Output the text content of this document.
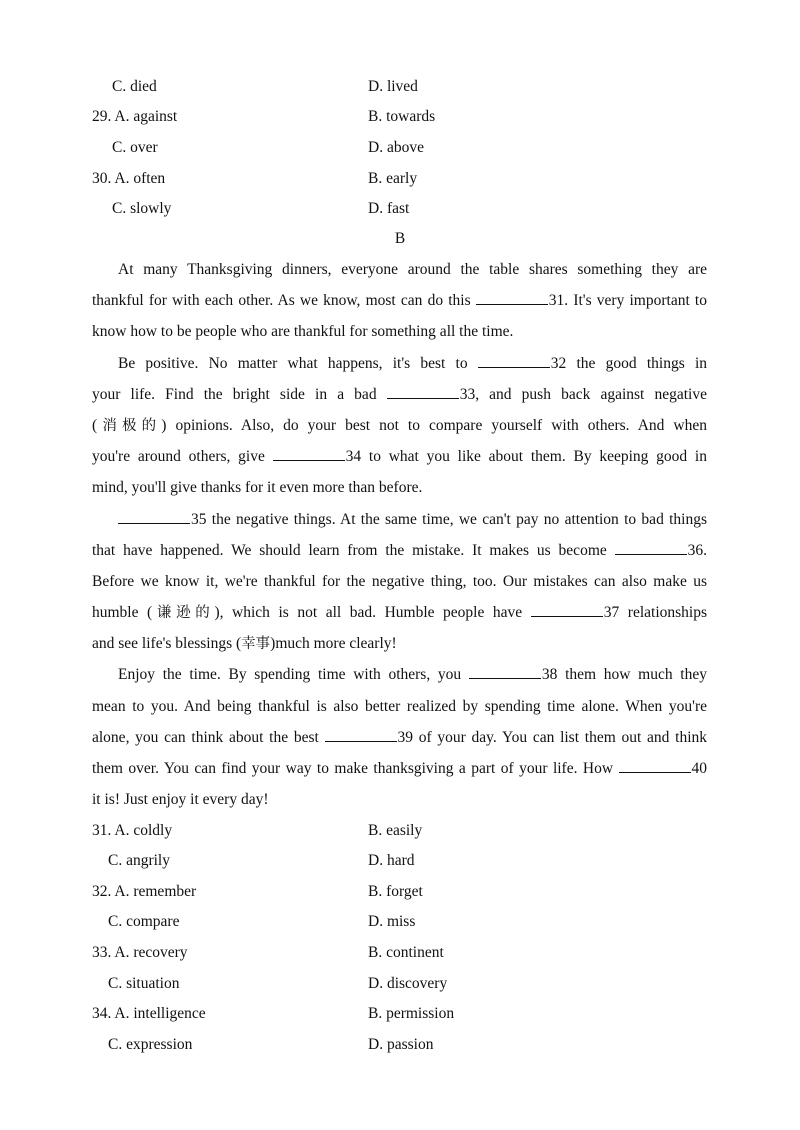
C. died	D. lived
29. A. against	B. towards
C. over	D. above
30. A. often	B. early
C. slowly	D. fast
B
At many Thanksgiving dinners, everyone around the table shares something they are
thankful for with each other. As we know, most can do this	31. It's very important to
know how to be people who are thankful for something all the time.
Be positive. No matter what happens, it's best to	32 the good things in
your life. Find the bright side in a bad	33, and push back against negative
(消极的) opinions. Also, do your best not to compare yourself with others. And when
you're around others, give	34 to what you like about them. By keeping good in
mind, you'll give thanks for it even more than before.
35 the negative things. At the same time, we can't pay no attention to bad things
that have happened. We should learn from the mistake. It makes us become	36.
Before we know it, we're thankful for the negative thing, too. Our mistakes can also make us
humble (谦逊的), which is not all bad. Humble people have	37 relationships
and see life's blessings (幸事)much more clearly!
Enjoy the time. By spending time with others, you	38 them how much they
mean to you. And being thankful is also better realized by spending time alone. When you're
alone, you can think about the best	39 of your day. You can list them out and think
them over. You can find your way to make thanksgiving a part of your life. How	40
it is! Just enjoy it every day!
31. A. coldly	B. easily
C. angrily	D. hard
32. A. remember	B. forget
C. compare	D. miss
33. A. recovery	B. continent
C. situation	D. discovery
34. A. intelligence	B. permission
C. expression	D. passion
